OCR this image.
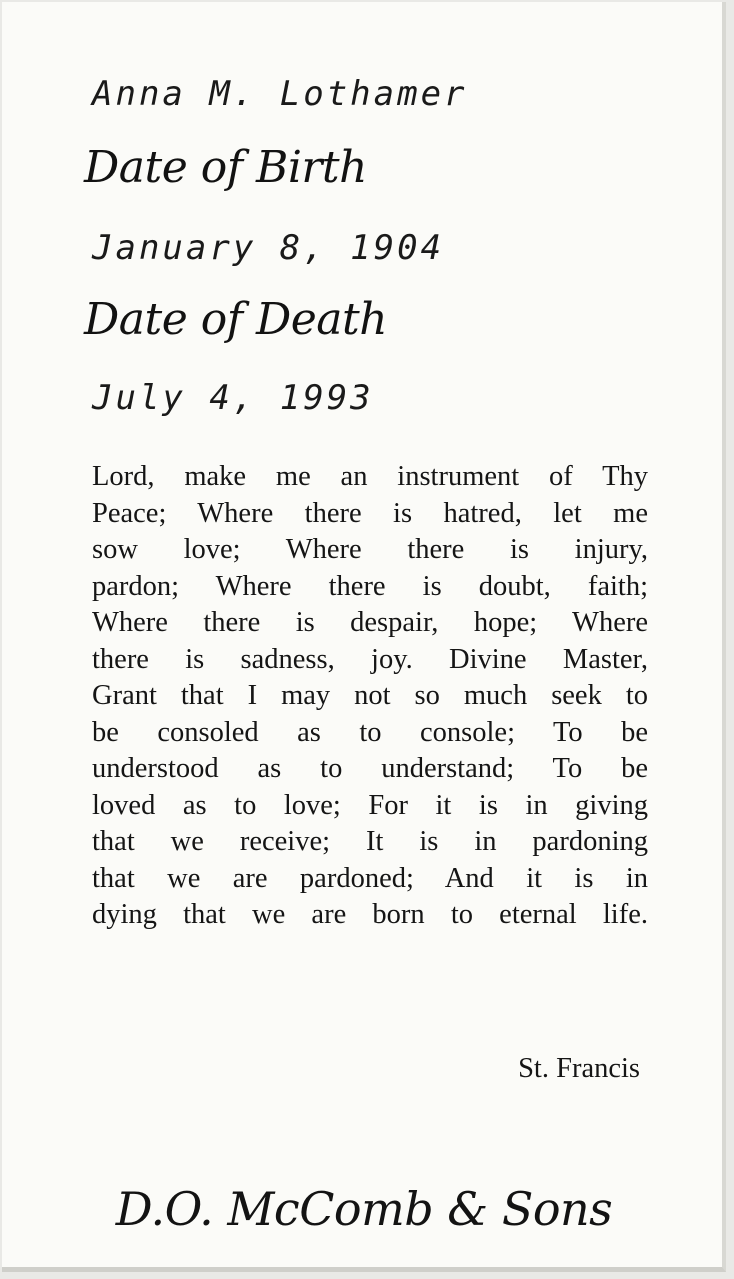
Anna M. Lothamer
Date of Birth
January 8, 1904
Date of Death
July 4, 1993
Lord, make me an instrument of Thy
Peace; Where there is hatred, let me
sow love; Where there is injury,
pardon; Where there is doubt, faith;
Where there is despair, hope; Where
there is sadness, joy. Divine Master,
Grant that I may not so much seek to
be consoled as to console; To be
understood as to understand; To be
loved as to love; For it is in giving
that we receive; It is in pardoning
that we are pardoned; And it is in
dying that we are born to eternal life.
St. Francis
D.O. McComb & Sons
